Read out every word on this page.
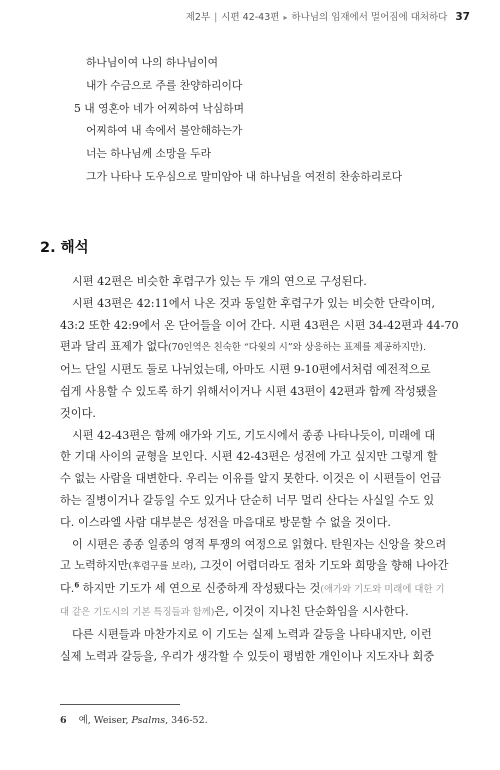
제2부 | 시편 42-43편 ▸ 하나님의 임재에서 멀어짐에 대처하다 37
하나님이여 나의 하나님이여
내가 수금으로 주를 찬양하리이다
5 내 영혼아 네가 어찌하여 낙심하며
어찌하여 내 속에서 불안해하는가
너는 하나님께 소망을 두라
그가 나타나 도우심으로 말미암아 내 하나님을 여전히 찬송하리로다
2. 해석
시편 42편은 비슷한 후렴구가 있는 두 개의 연으로 구성된다.
시편 43편은 42:11에서 나온 것과 동일한 후렴구가 있는 비슷한 단락이며,
43:2 또한 42:9에서 온 단어들을 이어 간다. 시편 43편은 시편 34-42편과 44-70
편과 달리 표제가 없다(70인역은 친숙한 “다윗의 시”와 상응하는 표제를 제공하지만).
어느 단일 시편도 둘로 나뉘었는데, 아마도 시편 9-10편에서처럼 예전적으로
쉽게 사용할 수 있도록 하기 위해서이거나 시편 43편이 42편과 함께 작성됐을
것이다.
시편 42-43편은 함께 애가와 기도, 기도시에서 종종 나타나듯이, 미래에 대
한 기대 사이의 균형을 보인다. 시편 42-43편은 성전에 가고 싶지만 그렇게 할
수 없는 사람을 대변한다. 우리는 이유를 알지 못한다. 이것은 이 시편들이 언급
하는 질병이거나 갈등일 수도 있거나 단순히 너무 멀리 산다는 사실일 수도 있
다. 이스라엘 사람 대부분은 성전을 마음대로 방문할 수 없을 것이다.
이 시편은 종종 일종의 영적 투쟁의 여정으로 읽혔다. 탄원자는 신앙을 찾으려
고 노력하지만(후렴구를 보라), 그것이 어렵더라도 점차 기도와 희망을 향해 나아간
다.$^6$ 하지만 기도가 세 연으로 신중하게 작성됐다는 것(애가와 기도와 미래에 대한 기
대 같은 기도시의 기본 특징들과 함께)은, 이것이 지나친 단순화임을 시사한다.
다른 시편들과 마찬가지로 이 기도는 실제 노력과 갈등을 나타내지만, 이런
실제 노력과 갈등을, 우리가 생각할 수 있듯이 평범한 개인이나 지도자나 회중
6 예, Weiser, Psalms, 346-52.
